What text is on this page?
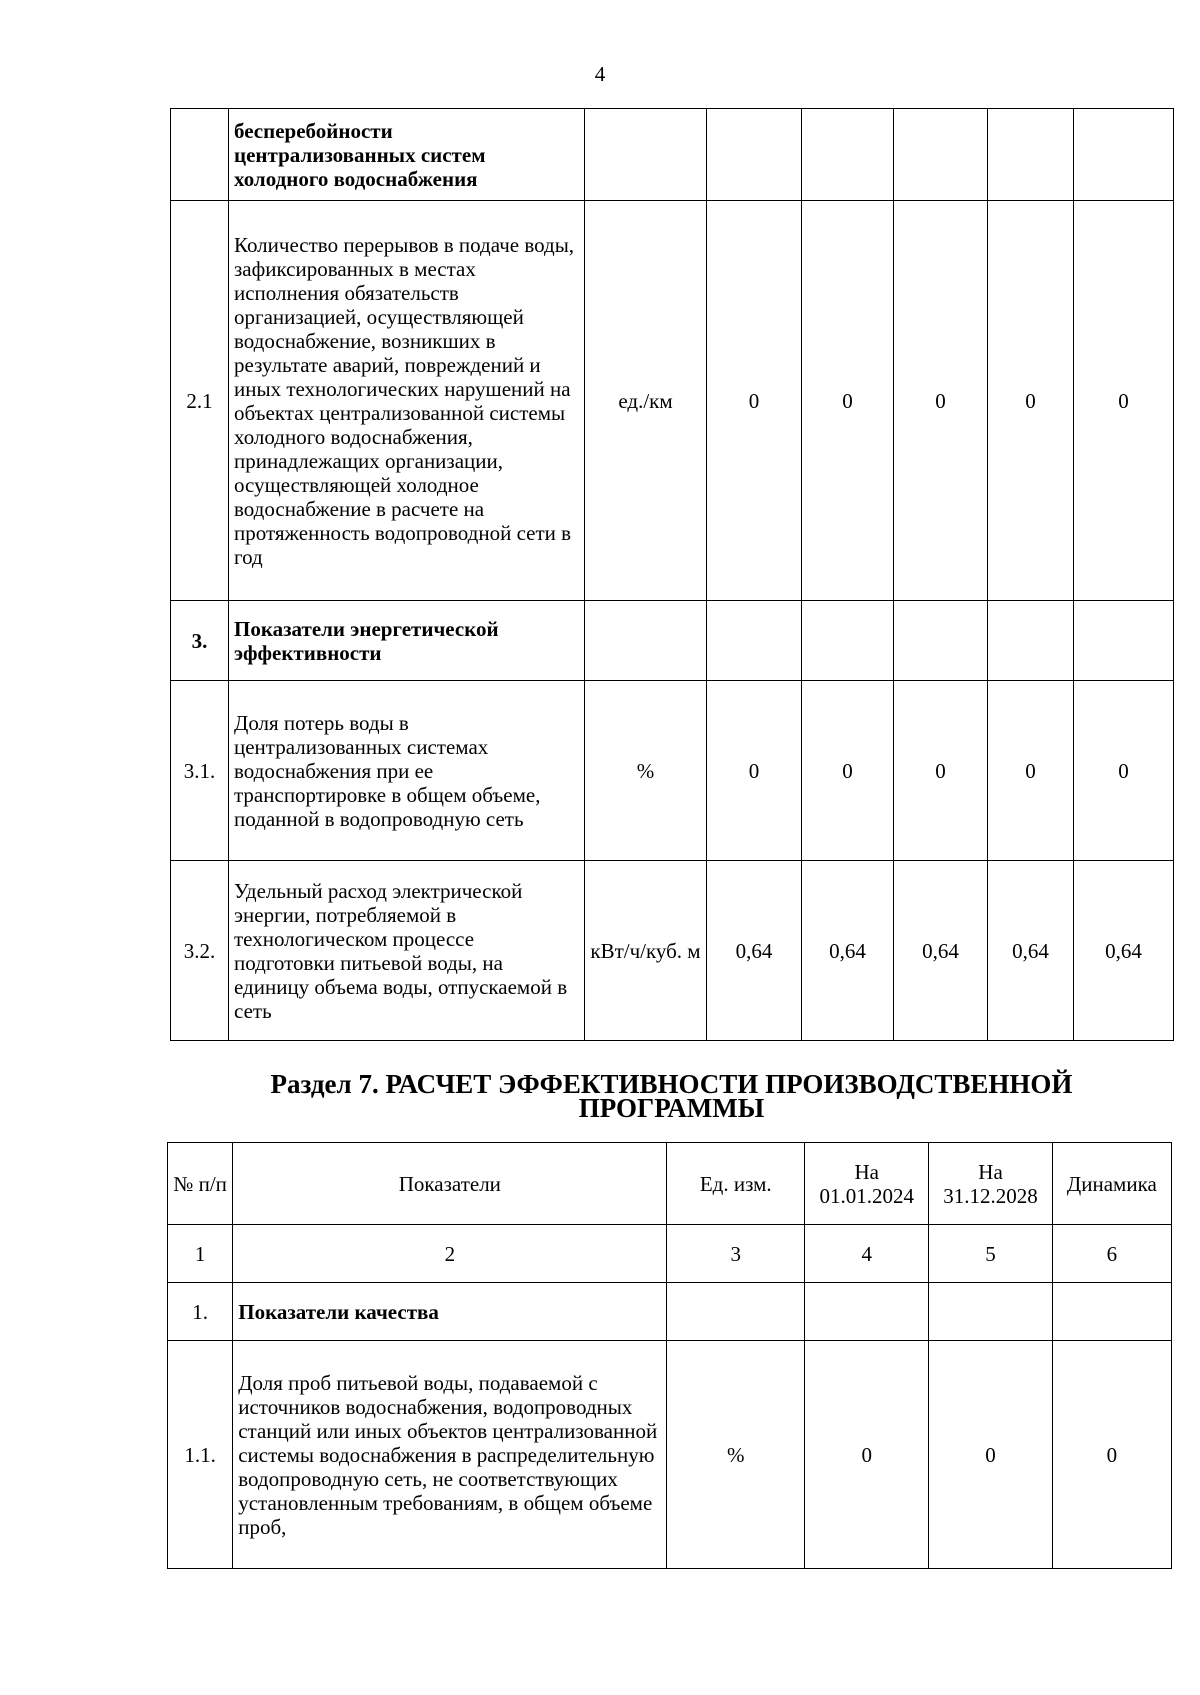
4
	бесперебойности централизованных систем холодного водоснабжения						
2.1	Количество перерывов в подаче воды, зафиксированных в местах исполнения обязательств организацией, осуществляющей водоснабжение, возникших в результате аварий, повреждений и иных технологических нарушений на объектах централизованной системы холодного водоснабжения, принадлежащих организации, осуществляющей холодное водоснабжение в расчете на протяженность водопроводной сети в год	ед./км	0	0	0	0	0
3.	Показатели энергетической эффективности						
3.1.	Доля потерь воды в централизованных системах водоснабжения при ее транспортировке в общем объеме, поданной в водопроводную сеть	%	0	0	0	0	0
3.2.	Удельный расход электрической энергии, потребляемой в технологическом процессе подготовки питьевой воды, на единицу объема воды, отпускаемой в сеть	кВт/ч/куб. м	0,64	0,64	0,64	0,64	0,64
Раздел 7. РАСЧЕТ ЭФФЕКТИВНОСТИ ПРОИЗВОДСТВЕННОЙ
ПРОГРАММЫ
№ п/п	Показатели	Ед. изм.	На 01.01.2024	На 31.12.2028	Динамика
1	2	3	4	5	6
1.	Показатели качества				
1.1.	Доля проб питьевой воды, подаваемой с источников водоснабжения, водопроводных станций или иных объектов централизованной системы водоснабжения в распределительную водопроводную сеть, не соответствующих установленным требованиям, в общем объеме проб,	%	0	0	0
